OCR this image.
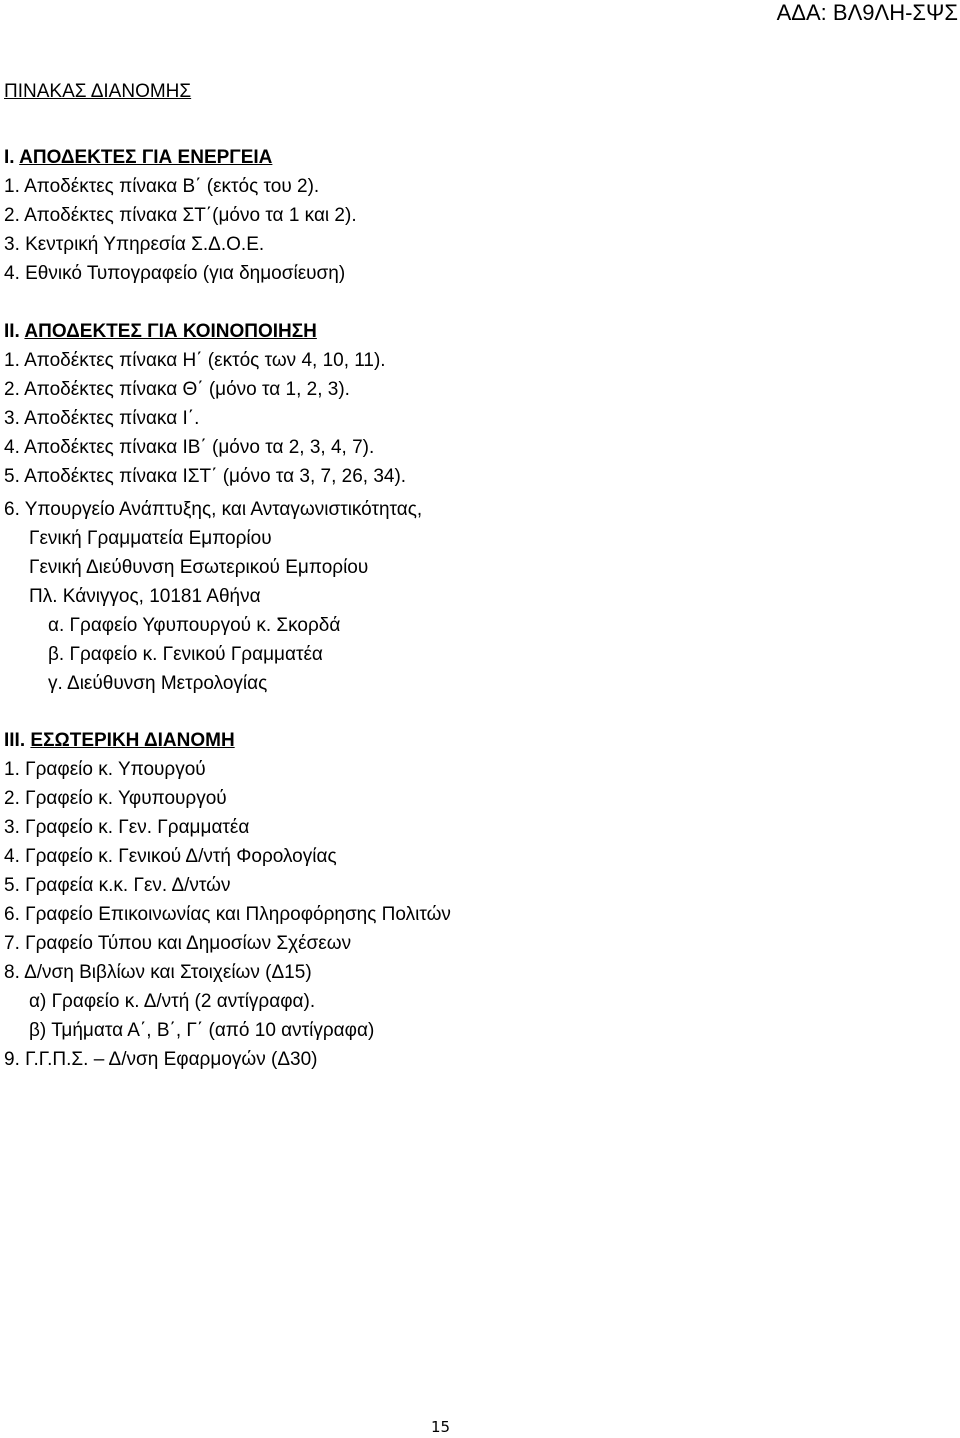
ΑΔΑ: ΒΛ9ΛΗ-ΣΨΣ
ΠΙΝΑΚΑΣ ΔΙΑΝΟΜΗΣ
Ι. ΑΠΟΔΕΚΤΕΣ ΓΙΑ ΕΝΕΡΓΕΙΑ
1. Αποδέκτες πίνακα Β΄ (εκτός του 2).
2. Αποδέκτες πίνακα ΣΤ΄(μόνο τα 1 και 2).
3. Κεντρική Υπηρεσία Σ.Δ.Ο.Ε.
4. Εθνικό Τυπογραφείο (για δημοσίευση)
ΙΙ. ΑΠΟΔΕΚΤΕΣ ΓΙΑ ΚΟΙΝΟΠΟΙΗΣΗ
1. Αποδέκτες πίνακα Η΄ (εκτός των 4, 10, 11).
2. Αποδέκτες πίνακα Θ΄ (μόνο τα 1, 2, 3).
3. Αποδέκτες πίνακα Ι΄.
4. Αποδέκτες πίνακα ΙΒ΄ (μόνο τα 2, 3, 4, 7).
5. Αποδέκτες πίνακα ΙΣΤ΄ (μόνο τα 3, 7, 26, 34).
6. Υπουργείο Ανάπτυξης, και Ανταγωνιστικότητας,
Γενική Γραμματεία Εμπορίου
Γενική Διεύθυνση Εσωτερικού Εμπορίου
Πλ. Κάνιγγος, 10181 Αθήνα
α. Γραφείο Υφυπουργού κ. Σκορδά
β. Γραφείο κ. Γενικού Γραμματέα
γ. Διεύθυνση Μετρολογίας
ΙΙΙ. ΕΣΩΤΕΡΙΚΗ ΔΙΑΝΟΜΗ
1. Γραφείο κ. Υπουργού
2. Γραφείο κ. Υφυπουργού
3. Γραφείο κ. Γεν. Γραμματέα
4. Γραφείο κ. Γενικού Δ/ντή Φορολογίας
5. Γραφεία κ.κ. Γεν. Δ/ντών
6. Γραφείο Επικοινωνίας και Πληροφόρησης Πολιτών
7. Γραφείο Τύπου και Δημοσίων Σχέσεων
8. Δ/νση Βιβλίων και Στοιχείων (Δ15)
α) Γραφείο κ. Δ/ντή (2 αντίγραφα).
β) Τμήματα Α΄, Β΄, Γ΄ (από 10 αντίγραφα)
9. Γ.Γ.Π.Σ. – Δ/νση Εφαρμογών (Δ30)
15
